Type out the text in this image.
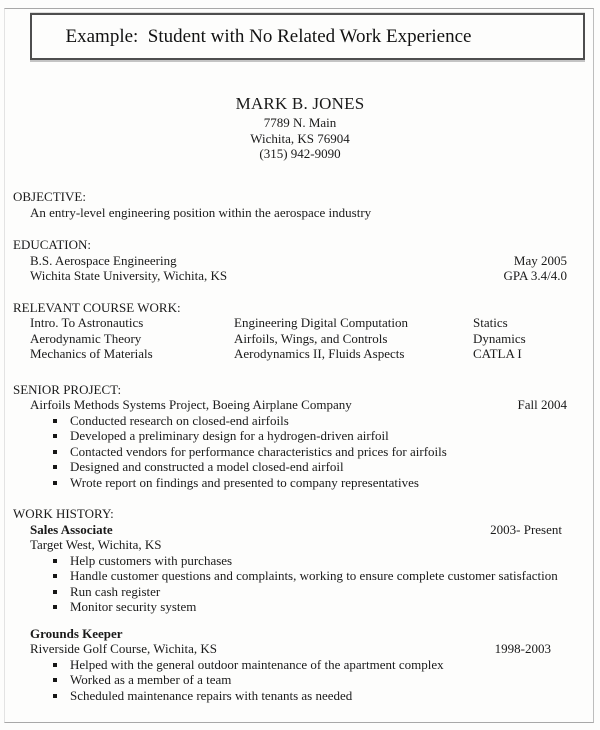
Example:  Student with No Related Work Experience
MARK B. JONES
7789 N. Main
Wichita, KS 76904
(315) 942-9090
OBJECTIVE:
An entry-level engineering position within the aerospace industry
EDUCATION:
B.S. Aerospace Engineering	May 2005
Wichita State University, Wichita, KS	GPA 3.4/4.0
RELEVANT COURSE WORK:
Intro. To Astronautics	Engineering Digital Computation	Statics
Aerodynamic Theory	Airfoils, Wings, and Controls	Dynamics
Mechanics of Materials	Aerodynamics II, Fluids Aspects	CATLA I
SENIOR PROJECT:
Airfoils Methods Systems Project, Boeing Airplane Company	Fall 2004
Conducted research on closed-end airfoils
Developed a preliminary design for a hydrogen-driven airfoil
Contacted vendors for performance characteristics and prices for airfoils
Designed and constructed a model closed-end airfoil
Wrote report on findings and presented to company representatives
WORK HISTORY:
Sales Associate	2003- Present
Target West, Wichita, KS
Help customers with purchases
Handle customer questions and complaints, working to ensure complete customer satisfaction
Run cash register
Monitor security system
Grounds Keeper
Riverside Golf Course, Wichita, KS	1998-2003
Helped with the general outdoor maintenance of the apartment complex
Worked as a member of a team
Scheduled maintenance repairs with tenants as needed
